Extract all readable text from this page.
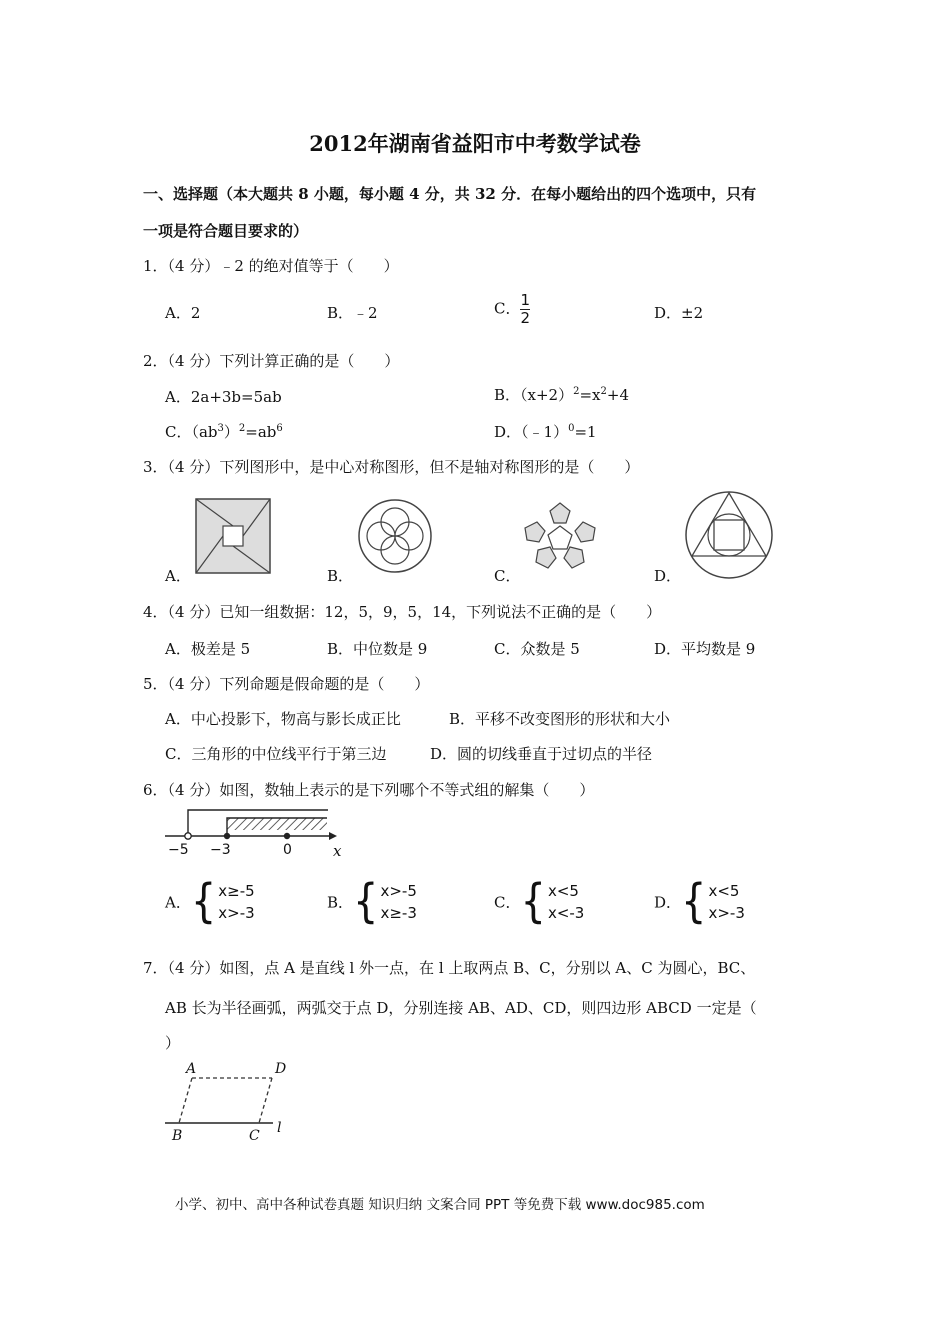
2012年湖南省益阳市中考数学试卷
一、选择题（本大题共 8 小题，每小题 4 分，共 32 分．在每小题给出的四个选项中，只有
一项是符合题目要求的）
1．（4 分）﹣2 的绝对值等于（　　）
A．2	B．﹣2	C． $\frac{1}{2}$	D．±2
2．（4 分）下列计算正确的是（　　）
A．2a+3b=5ab	B．$(x+2)^2=x^2+4$
C．$(ab^3)^2=ab^6$	D．（﹣1）$^0$=1
3．（4 分）下列图形中，是中心对称图形，但不是轴对称图形的是（　　）
A．	B．	C．	D．
4．（4 分）已知一组数据：12，5，9，5，14，下列说法不正确的是（　　）
A．极差是 5	B．中位数是 9	C．众数是 5	D．平均数是 9
5．（4 分）下列命题是假命题的是（　　）
A．中心投影下，物高与影长成正比	B．平移不改变图形的形状和大小
C．三角形的中位线平行于第三边	D．圆的切线垂直于过切点的半径
6．（4 分）如图，数轴上表示的是下列哪个不等式组的解集（　　）
−5 −3	0	x
A． { x≥-5
x>-3
B． { x>-5
x≥-3
C． { x<5
x<-3
D． { x<5
x>-3
7．（4 分）如图，点 A 是直线 l 外一点，在 l 上取两点 B、C，分别以 A、C 为圆心，BC、
AB 长为半径画弧，两弧交于点 D，分别连接 AB、AD、CD，则四边形 ABCD 一定是（
）
A	D
B	C l
小学、初中、高中各种试卷真题 知识归纳 文案合同 PPT 等免费下载 www.doc985.com
